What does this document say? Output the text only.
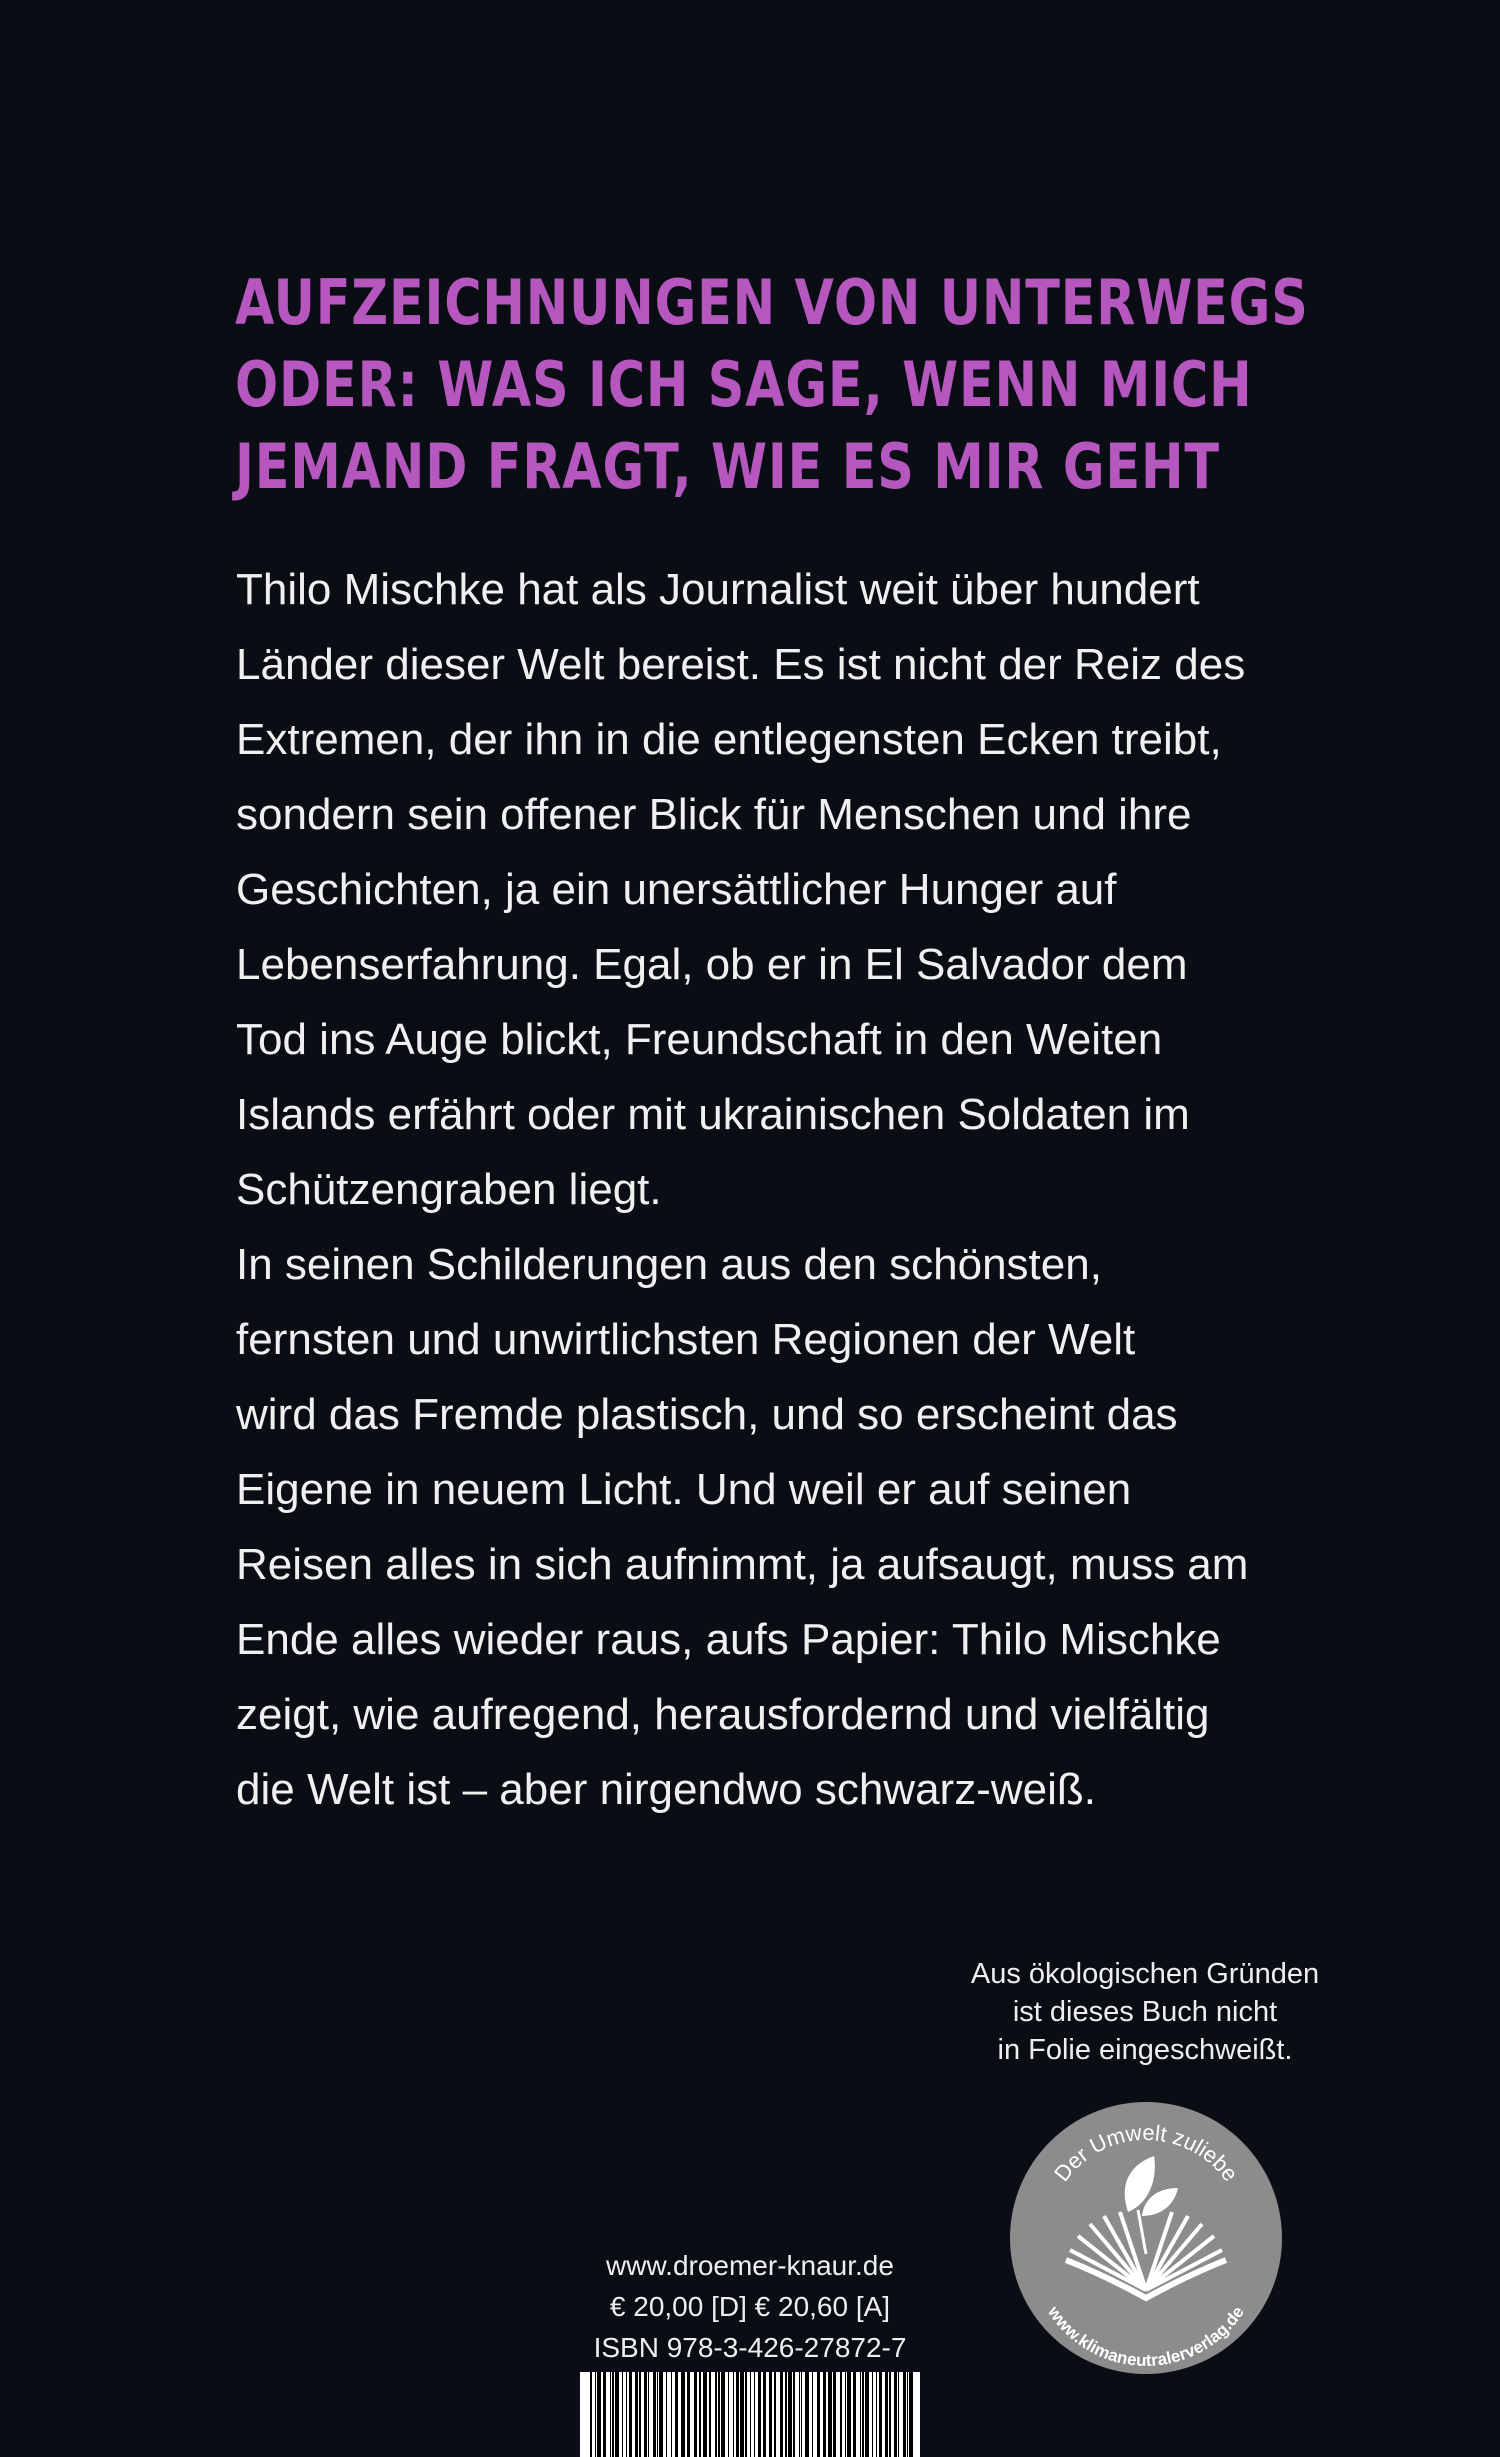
AUFZEICHNUNGEN VON UNTERWEGS
ODER: WAS ICH SAGE, WENN MICH
JEMAND FRAGT, WIE ES MIR GEHT

Thilo Mischke hat als Journalist weit über hundert
Länder dieser Welt bereist. Es ist nicht der Reiz des
Extremen, der ihn in die entlegensten Ecken treibt,
sondern sein offener Blick für Menschen und ihre
Geschichten, ja ein unersättlicher Hunger auf
Lebenserfahrung. Egal, ob er in El Salvador dem
Tod ins Auge blickt, Freundschaft in den Weiten
Islands erfährt oder mit ukrainischen Soldaten im
Schützengraben liegt.
In seinen Schilderungen aus den schönsten,
fernsten und unwirtlichsten Regionen der Welt
wird das Fremde plastisch, und so erscheint das
Eigene in neuem Licht. Und weil er auf seinen
Reisen alles in sich aufnimmt, ja aufsaugt, muss am
Ende alles wieder raus, aufs Papier: Thilo Mischke
zeigt, wie aufregend, herausfordernd und vielfältig
die Welt ist – aber nirgendwo schwarz-weiß.

Aus ökologischen Gründen
ist dieses Buch nicht
in Folie eingeschweißt.
Der Umwelt zuliebe
www.klimaneutralerverlag.de
www.droemer-knaur.de
€ 20,00 [D] € 20,60 [A]
ISBN 978-3-426-27872-7
